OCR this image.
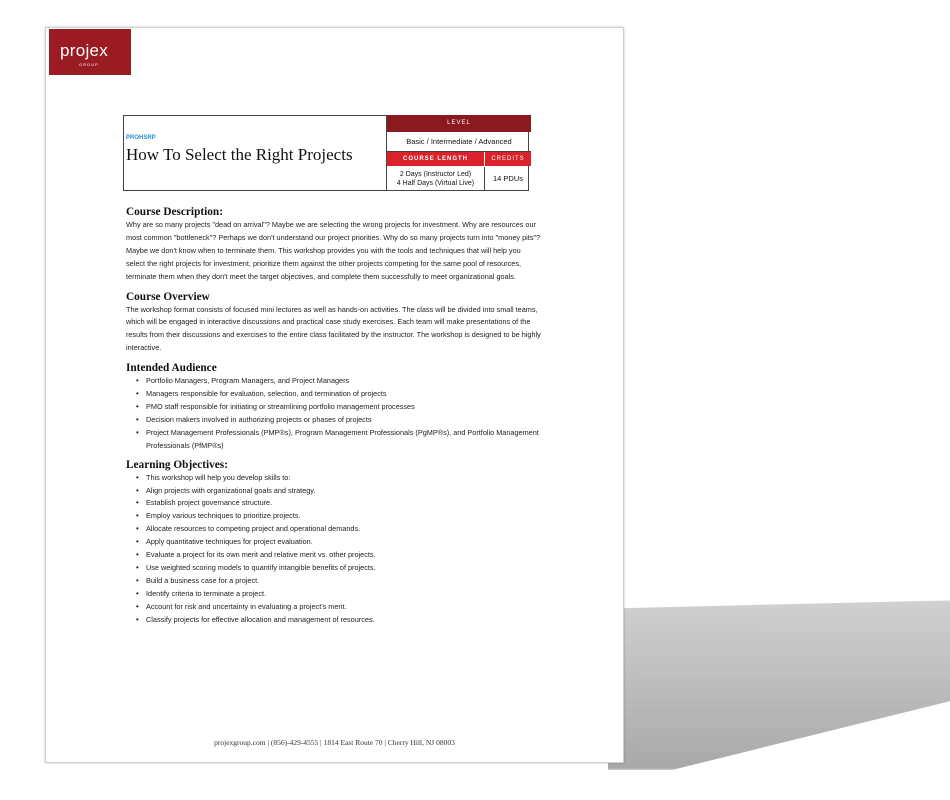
projex
GROUP
PROHSRP
How To Select the Right Projects
LEVEL
Basic / Intermediate / Advanced
COURSE LENGTH	CREDITS
2 Days (Instructor Led)
4 Half Days (Virtual Live)
14 PDUs
Course Description:

Why are so many projects "dead on arrival"? Maybe we are selecting the wrong projects for investment. Why are resources our most common "bottleneck"? Perhaps we don't understand our project priorities. Why do so many projects turn into "money pits"? Maybe we don't know when to terminate them. This workshop provides you with the tools and techniques that will help you select the right projects for investment, prioritize them against the other projects competing for the same pool of resources, terminate them when they don't meet the target objectives, and complete them successfully to meet organizational goals.

Course Overview

The workshop format consists of focused mini lectures as well as hands-on activities. The class will be divided into small teams, which will be engaged in interactive discussions and practical case study exercises. Each team will make presentations of the results from their discussions and exercises to the entire class facilitated by the instructor. The workshop is designed to be highly interactive.

Intended Audience
• Portfolio Managers, Program Managers, and Project Managers
• Managers responsible for evaluation, selection, and termination of projects
• PMO staff responsible for initiating or streamlining portfolio management processes
• Decision makers involved in authorizing projects or phases of projects
• Project Management Professionals (PMP®s), Program Management Professionals (PgMP®s), and Portfolio Management Professionals (PfMP®s)
Learning Objectives:
• This workshop will help you develop skills to:
• Align projects with organizational goals and strategy.
• Establish project governance structure.
• Employ various techniques to prioritize projects.
• Allocate resources to competing project and operational demands.
• Apply quantitative techniques for project evaluation.
• Evaluate a project for its own merit and relative merit vs. other projects.
• Use weighted scoring models to quantify intangible benefits of projects.
• Build a business case for a project.
• Identify criteria to terminate a project.
• Account for risk and uncertainty in evaluating a project's merit.
• Classify projects for effective allocation and management of resources.
projexgroup.com | (856)-429-4555 | 1814 East Route 70 | Cherry Hill, NJ 08003
